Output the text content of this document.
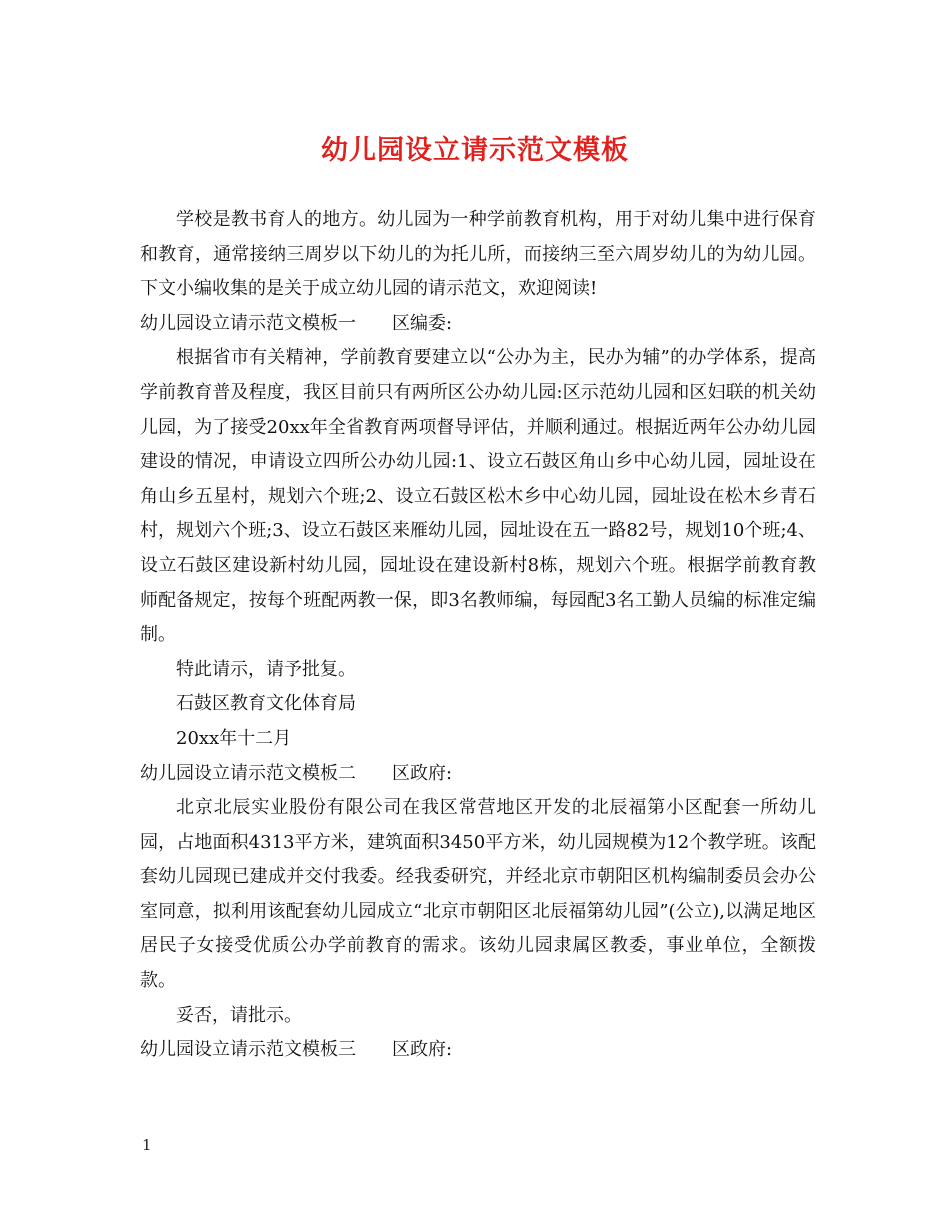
幼儿园设立请示范文模板

学校是教书育人的地方。幼儿园为一种学前教育机构，用于对幼儿集中进行保育和教育，通常接纳三周岁以下幼儿的为托儿所，而接纳三至六周岁幼儿的为幼儿园。下文小编收集的是关于成立幼儿园的请示范文，欢迎阅读!

幼儿园设立请示范文模板一　　区编委:

根据省市有关精神，学前教育要建立以“公办为主，民办为辅”的办学体系，提高学前教育普及程度，我区目前只有两所区公办幼儿园:区示范幼儿园和区妇联的机关幼儿园，为了接受20xx年全省教育两项督导评估，并顺利通过。根据近两年公办幼儿园建设的情况，申请设立四所公办幼儿园:1、设立石鼓区角山乡中心幼儿园，园址设在角山乡五星村，规划六个班;2、设立石鼓区松木乡中心幼儿园，园址设在松木乡青石村，规划六个班;3、设立石鼓区来雁幼儿园，园址设在五一路82号，规划10个班;4、设立石鼓区建设新村幼儿园，园址设在建设新村8栋，规划六个班。根据学前教育教师配备规定，按每个班配两教一保，即3名教师编，每园配3名工勤人员编的标准定编制。

特此请示，请予批复。

石鼓区教育文化体育局

20xx年十二月

幼儿园设立请示范文模板二　　区政府:

北京北辰实业股份有限公司在我区常营地区开发的北辰福第小区配套一所幼儿园，占地面积4313平方米，建筑面积3450平方米，幼儿园规模为12个教学班。该配套幼儿园现已建成并交付我委。经我委研究，并经北京市朝阳区机构编制委员会办公室同意，拟利用该配套幼儿园成立“北京市朝阳区北辰福第幼儿园”(公立),以满足地区居民子女接受优质公办学前教育的需求。该幼儿园隶属区教委，事业单位，全额拨款。

妥否，请批示。

幼儿园设立请示范文模板三　　区政府:

1
